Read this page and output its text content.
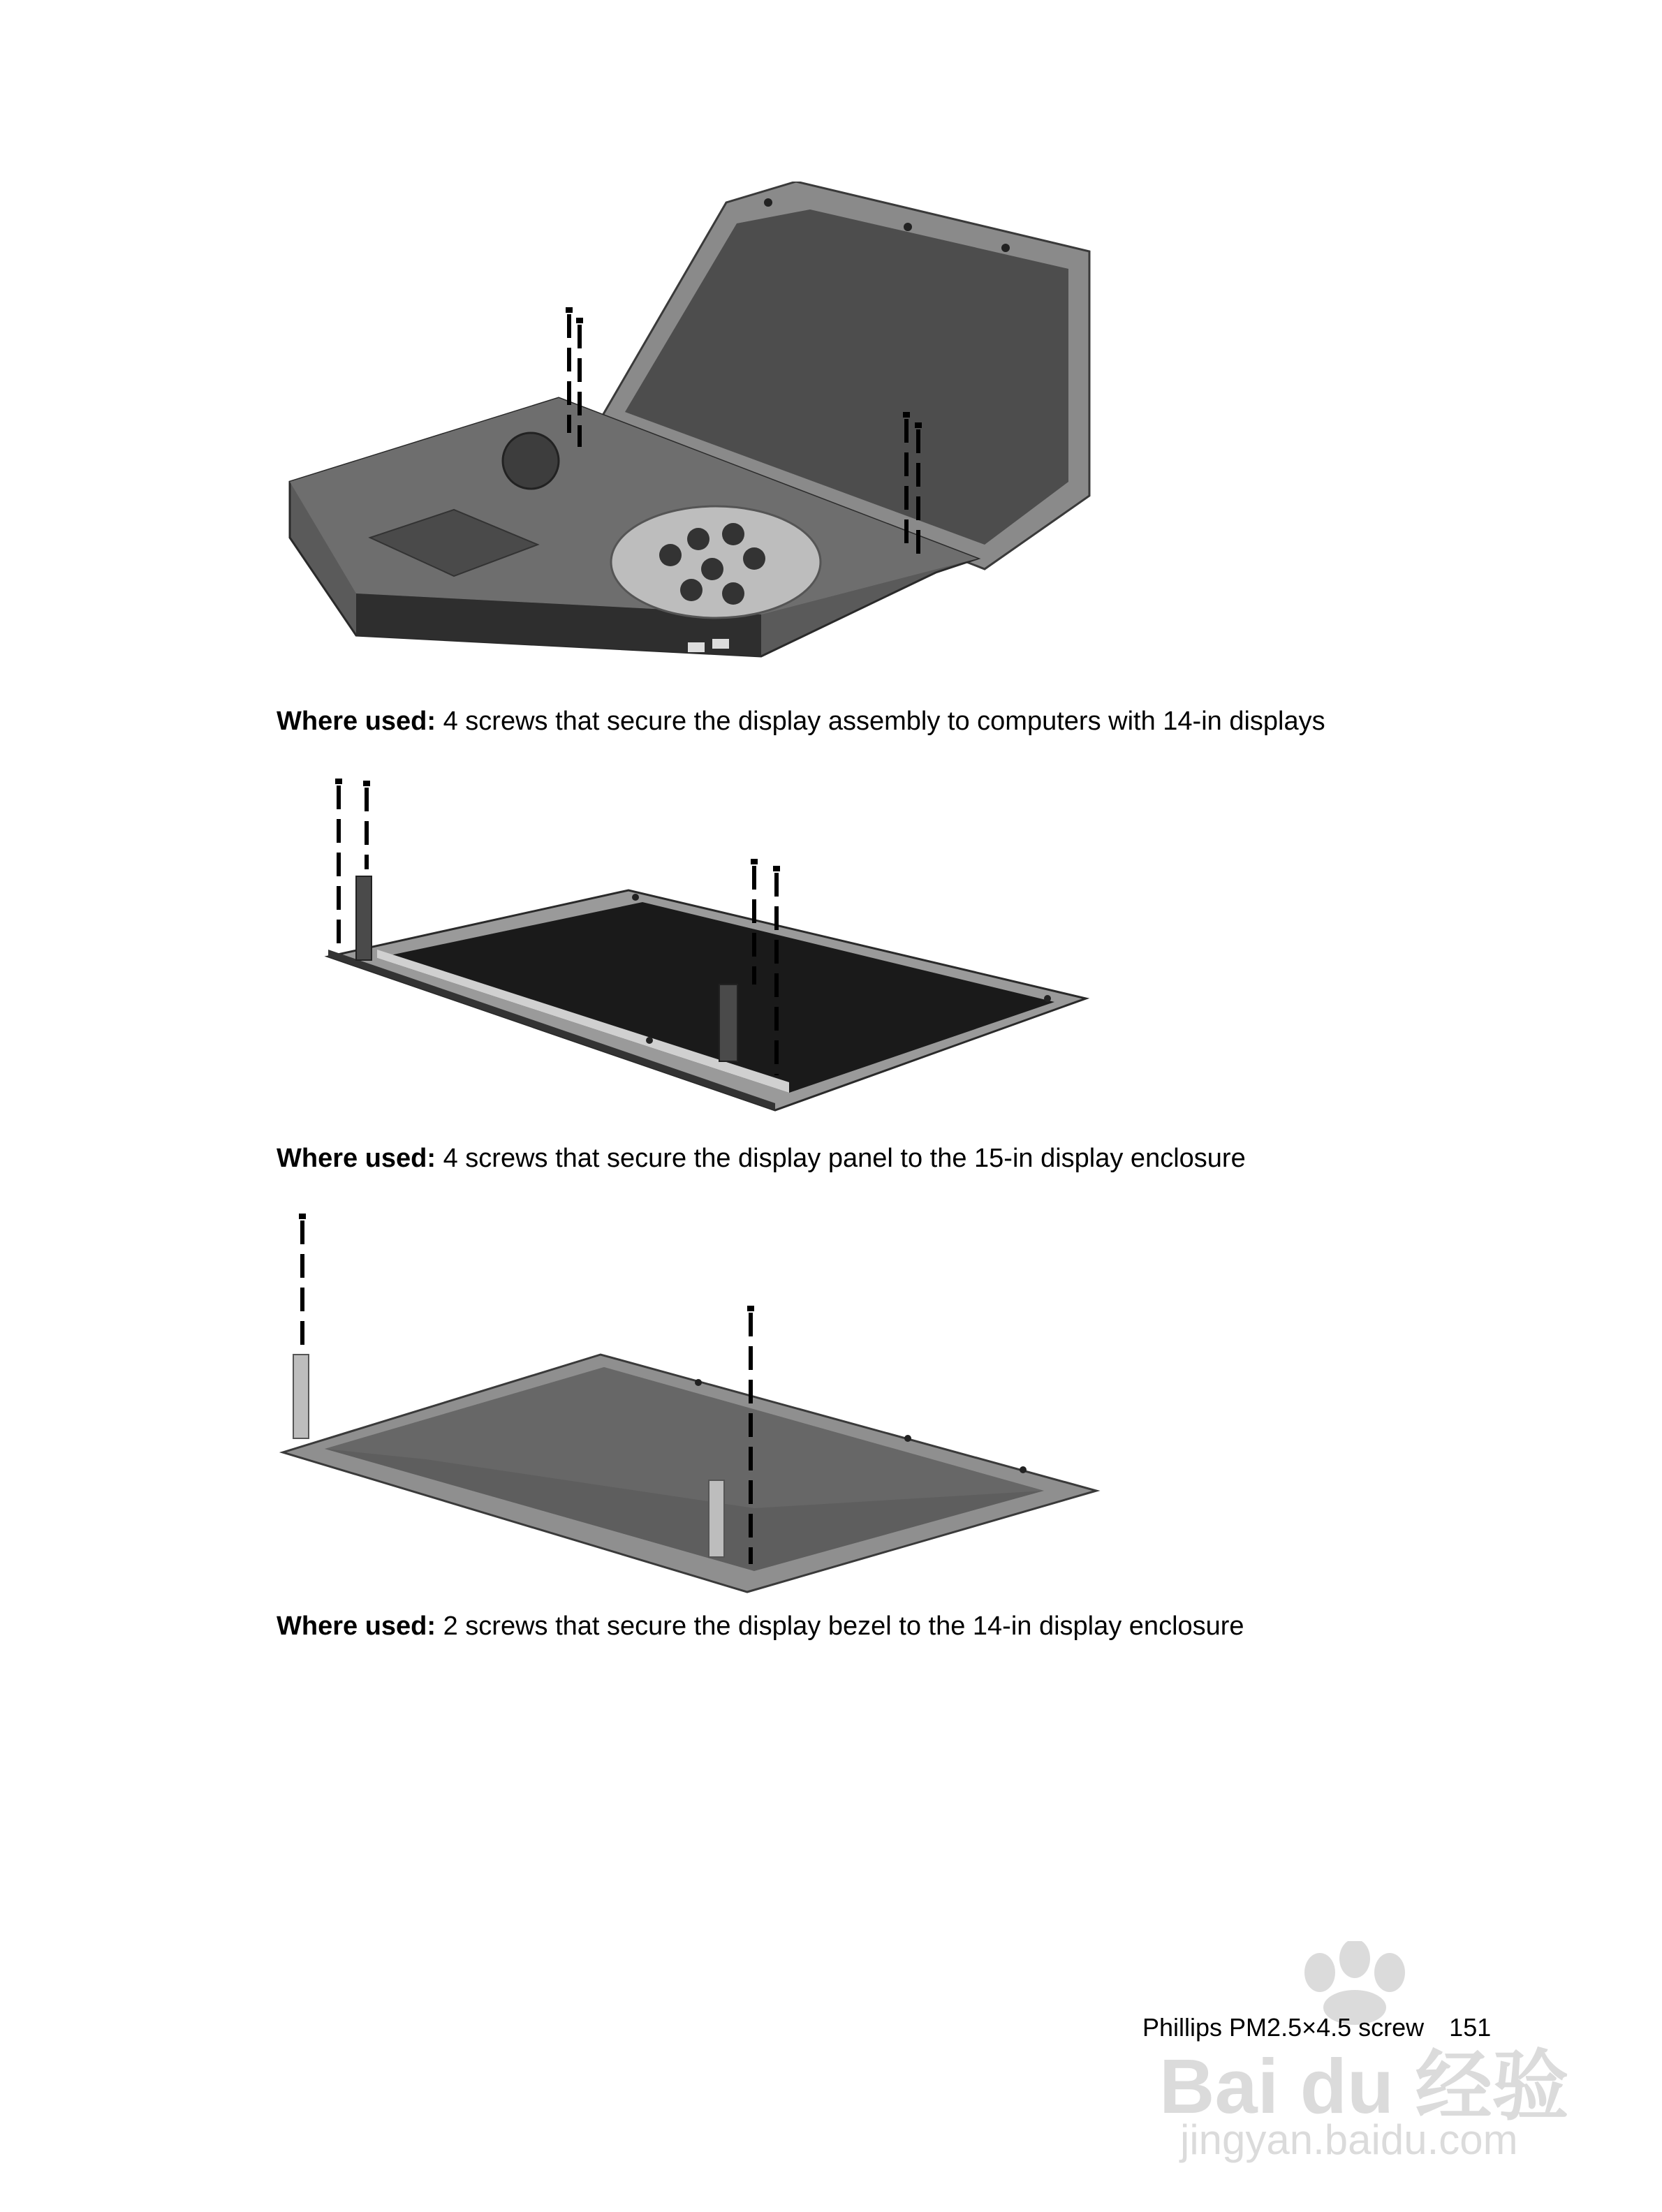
Where used: 4 screws that secure the display assembly to computers with 14-in displays
Where used: 4 screws that secure the display panel to the 15-in display enclosure
Where used: 2 screws that secure the display bezel to the 14-in display enclosure
Bai du 经验
jingyan.baidu.com
Phillips PM2.5×4.5 screw 151
